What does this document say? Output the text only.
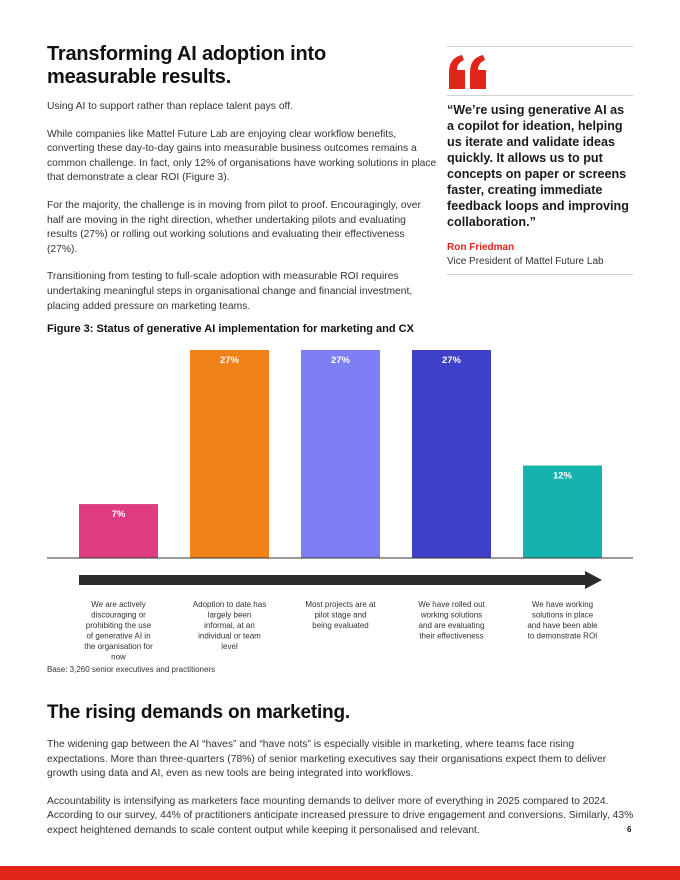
Transforming AI adoption into measurable results.

Using AI to support rather than replace talent pays off.

While companies like Mattel Future Lab are enjoying clear workflow benefits, converting these day-to-day gains into measurable business outcomes remains a common challenge. In fact, only 12% of organisations have working solutions in place that demonstrate a clear ROI (Figure 3).

For the majority, the challenge is in moving from pilot to proof. Encouragingly, over half are moving in the right direction, whether undertaking pilots and evaluating results (27%) or rolling out working solutions and evaluating their effectiveness (27%).

Transitioning from testing to full-scale adoption with measurable ROI requires undertaking meaningful steps in organisational change and financial investment, placing added pressure on marketing teams.

“We’re using generative AI as a copilot for ideation, helping us iterate and validate ideas quickly. It allows us to put concepts on paper or screens faster, creating immediate feedback loops and improving collaboration.”
Ron Friedman
Vice President of Mattel Future Lab
Figure 3: Status of generative AI implementation for marketing and CX
7%
27%	27%	27%
12%
We are actively discouraging or prohibiting the use of generative AI in the organisation for now
Adoption to date has largely been informal, at an individual or team level
Most projects are at pilot stage and being evaluated
We have rolled out working solutions and are evaluating their effectiveness
We have working solutions in place and have been able to demonstrate ROI
Base: 3,260 senior executives and practitioners
The rising demands on marketing.

The widening gap between the AI “haves” and “have nots” is especially visible in marketing, where teams face rising expectations. More than three-quarters (78%) of senior marketing executives say their organisations expect them to deliver growth using data and AI, even as new tools are being integrated into workflows.

Accountability is intensifying as marketers face mounting demands to deliver more of everything in 2025 compared to 2024. According to our survey, 44% of practitioners anticipate increased pressure to drive engagement and conversions. Similarly, 43% expect heightened demands to scale content output while keeping it personalised and relevant.	6
